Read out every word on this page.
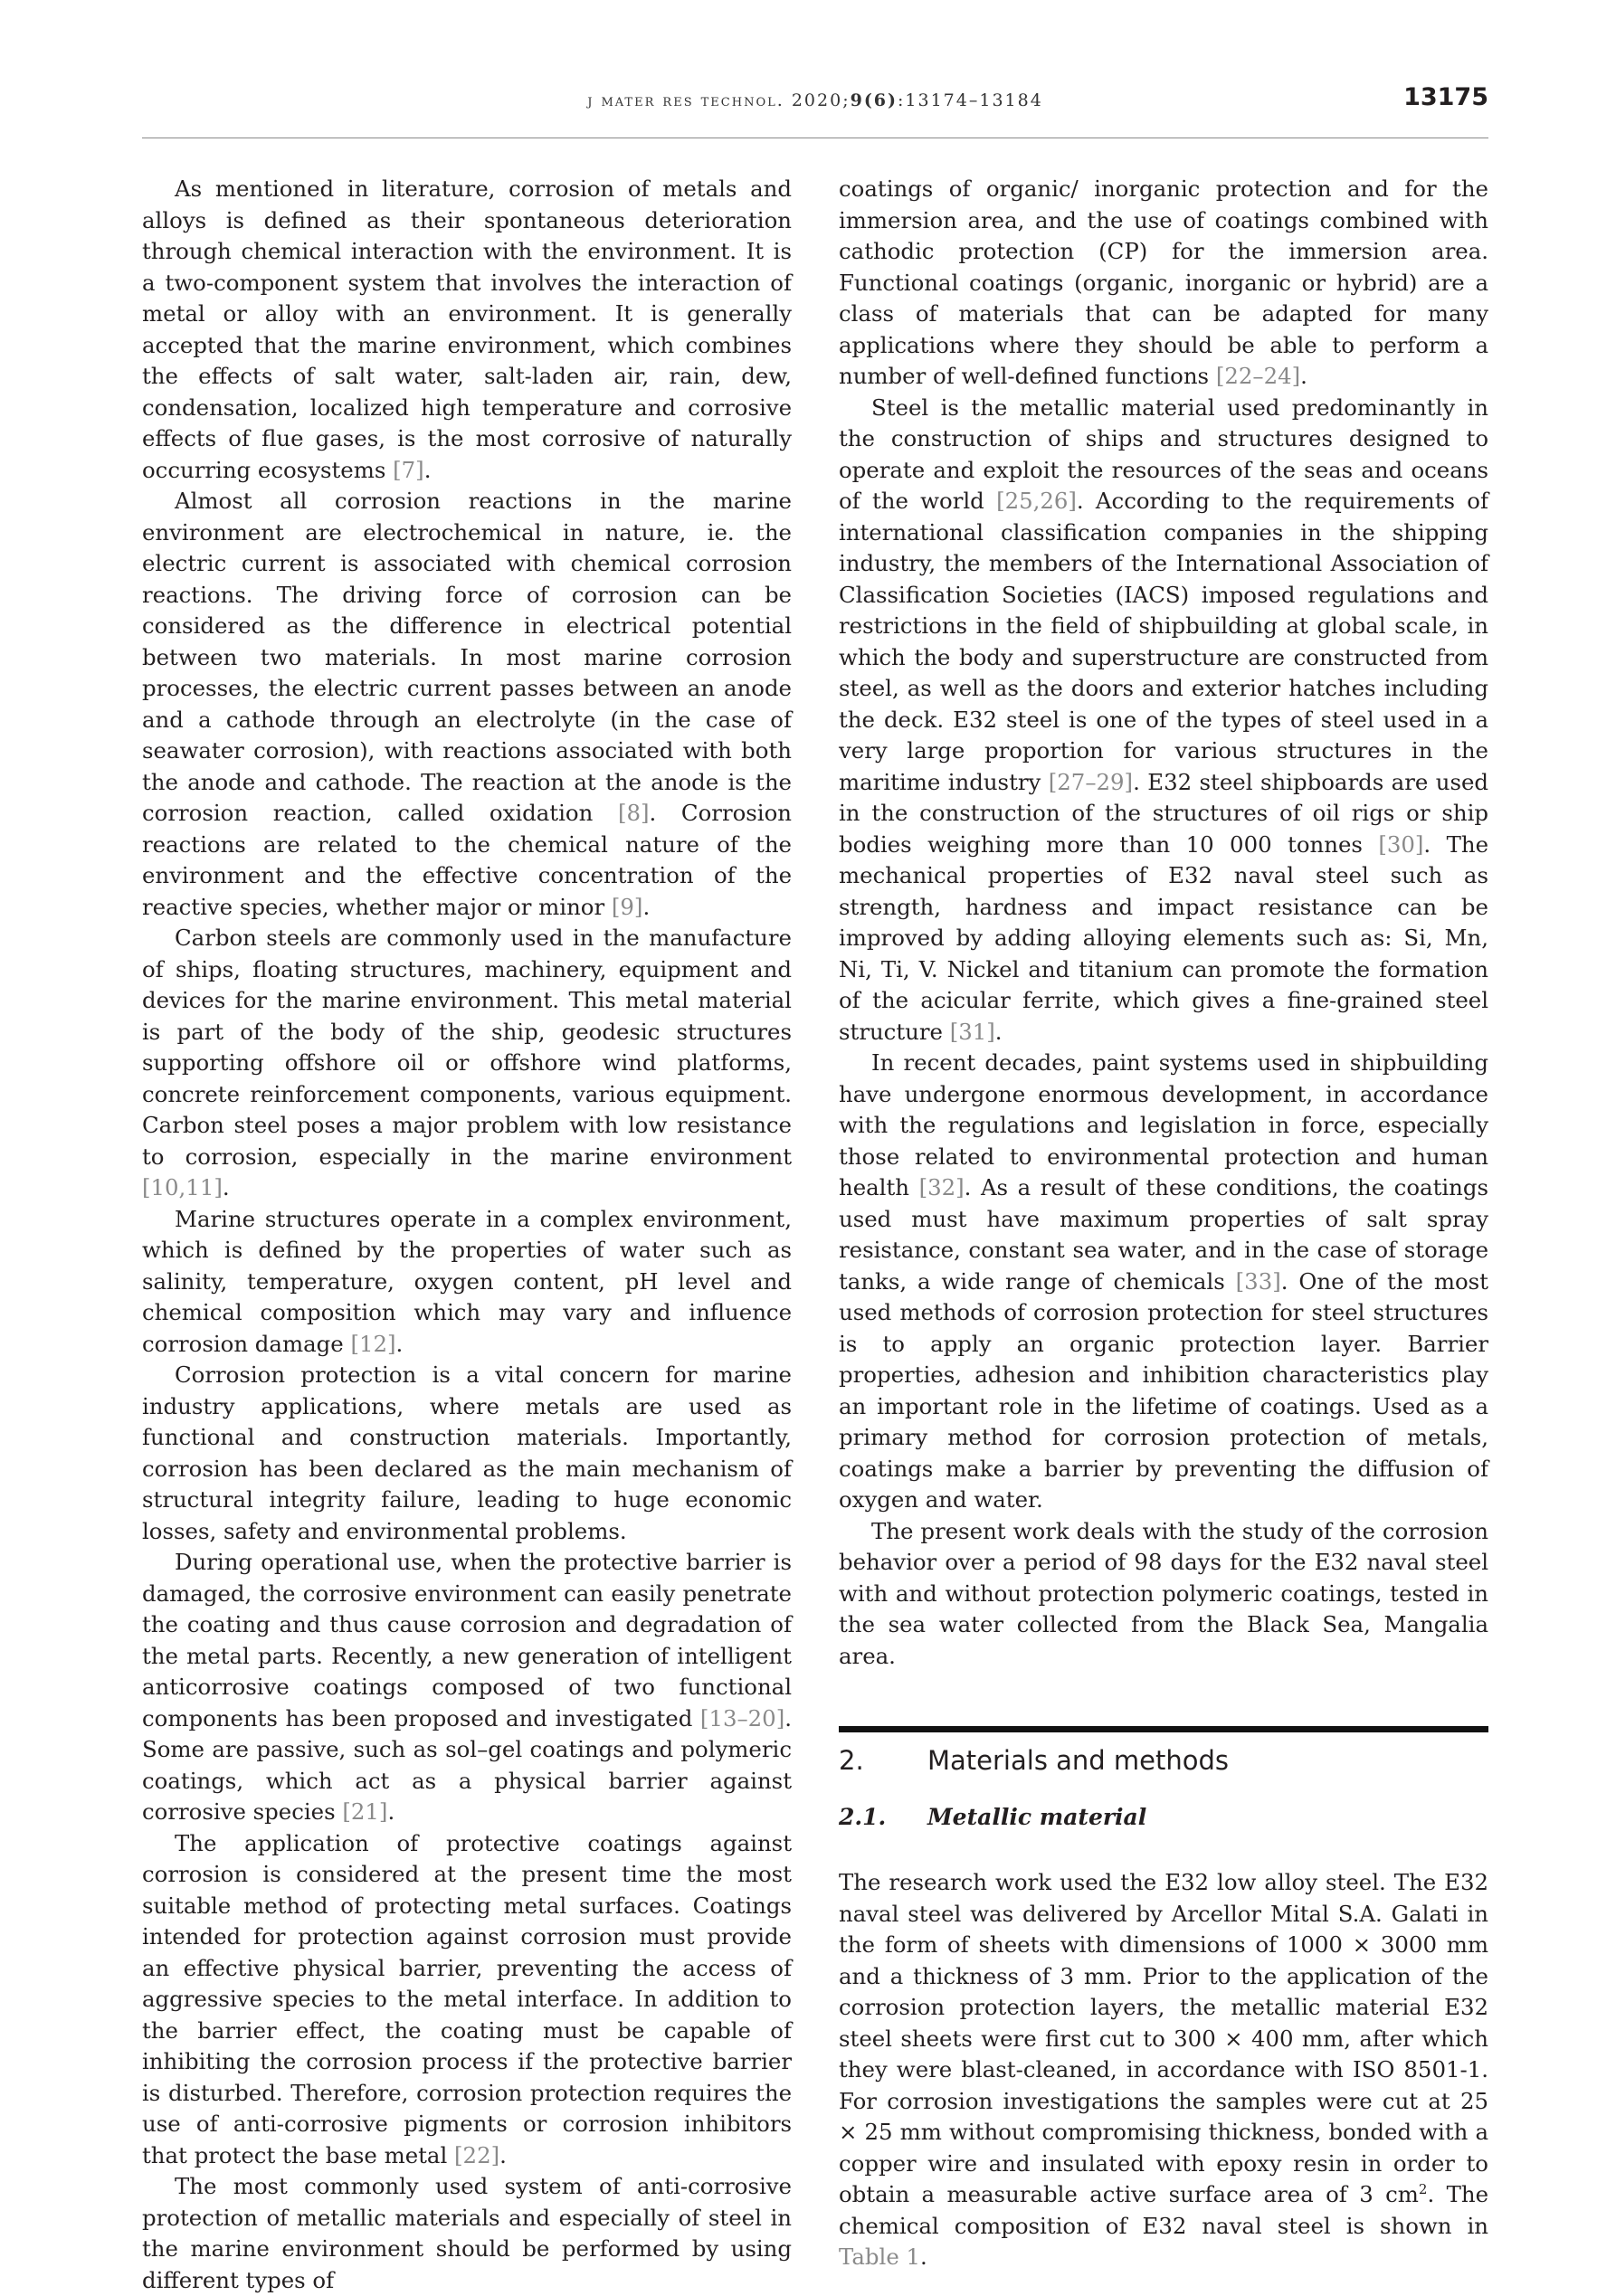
j mater res technol. 2020;9(6):13174–13184	13175

As mentioned in literature, corrosion of metals and alloys is defined as their spontaneous deterioration through chemical interaction with the environment. It is a two-component system that involves the interaction of metal or alloy with an environment. It is generally accepted that the marine environment, which combines the effects of salt water, salt-laden air, rain, dew, condensation, localized high temperature and corrosive effects of flue gases, is the most corrosive of naturally occurring ecosystems [7].

Almost all corrosion reactions in the marine environment are electrochemical in nature, ie. the electric current is associated with chemical corrosion reactions. The driving force of corrosion can be considered as the difference in electrical potential between two materials. In most marine corrosion processes, the electric current passes between an anode and a cathode through an electrolyte (in the case of seawater corrosion), with reactions associated with both the anode and cathode. The reaction at the anode is the corrosion reaction, called oxidation [8]. Corrosion reactions are related to the chemical nature of the environment and the effective concentration of the reactive species, whether major or minor [9].

Carbon steels are commonly used in the manufacture of ships, floating structures, machinery, equipment and devices for the marine environment. This metal material is part of the body of the ship, geodesic structures supporting offshore oil or offshore wind platforms, concrete reinforcement components, various equipment. Carbon steel poses a major problem with low resistance to corrosion, especially in the marine environment [10,11].

Marine structures operate in a complex environment, which is defined by the properties of water such as salinity, temperature, oxygen content, pH level and chemical composition which may vary and influence corrosion damage [12].

Corrosion protection is a vital concern for marine industry applications, where metals are used as functional and construction materials. Importantly, corrosion has been declared as the main mechanism of structural integrity failure, leading to huge economic losses, safety and environmental problems.

During operational use, when the protective barrier is damaged, the corrosive environment can easily penetrate the coating and thus cause corrosion and degradation of the metal parts. Recently, a new generation of intelligent anticorrosive coatings composed of two functional components has been proposed and investigated [13–20]. Some are passive, such as sol–gel coatings and polymeric coatings, which act as a physical barrier against corrosive species [21].

The application of protective coatings against corrosion is considered at the present time the most suitable method of protecting metal surfaces. Coatings intended for protection against corrosion must provide an effective physical barrier, preventing the access of aggressive species to the metal interface. In addition to the barrier effect, the coating must be capable of inhibiting the corrosion process if the protective barrier is disturbed. Therefore, corrosion protection requires the use of anti-corrosive pigments or corrosion inhibitors that protect the base metal [22].

The most commonly used system of anti-corrosive protection of metallic materials and especially of steel in the marine environment should be performed by using different types of

coatings of organic/ inorganic protection and for the immersion area, and the use of coatings combined with cathodic protection (CP) for the immersion area. Functional coatings (organic, inorganic or hybrid) are a class of materials that can be adapted for many applications where they should be able to perform a number of well-defined functions [22–24].

Steel is the metallic material used predominantly in the construction of ships and structures designed to operate and exploit the resources of the seas and oceans of the world [25,26]. According to the requirements of international classification companies in the shipping industry, the members of the International Association of Classification Societies (IACS) imposed regulations and restrictions in the field of shipbuilding at global scale, in which the body and superstructure are constructed from steel, as well as the doors and exterior hatches including the deck. E32 steel is one of the types of steel used in a very large proportion for various structures in the maritime industry [27–29]. E32 steel shipboards are used in the construction of the structures of oil rigs or ship bodies weighing more than 10 000 tonnes [30]. The mechanical properties of E32 naval steel such as strength, hardness and impact resistance can be improved by adding alloying elements such as: Si, Mn, Ni, Ti, V. Nickel and titanium can promote the formation of the acicular ferrite, which gives a fine-grained steel structure [31].

In recent decades, paint systems used in shipbuilding have undergone enormous development, in accordance with the regulations and legislation in force, especially those related to environmental protection and human health [32]. As a result of these conditions, the coatings used must have maximum properties of salt spray resistance, constant sea water, and in the case of storage tanks, a wide range of chemicals [33]. One of the most used methods of corrosion protection for steel structures is to apply an organic protection layer. Barrier properties, adhesion and inhibition characteristics play an important role in the lifetime of coatings. Used as a primary method for corrosion protection of metals, coatings make a barrier by preventing the diffusion of oxygen and water.

The present work deals with the study of the corrosion behavior over a period of 98 days for the E32 naval steel with and without protection polymeric coatings, tested in the sea water collected from the Black Sea, Mangalia area.

2.	Materials and methods
2.1.	Metallic material

The research work used the E32 low alloy steel. The E32 naval steel was delivered by Arcellor Mital S.A. Galati in the form of sheets with dimensions of 1000 × 3000 mm and a thickness of 3 mm. Prior to the application of the corrosion protection layers, the metallic material E32 steel sheets were first cut to 300 × 400 mm, after which they were blast-cleaned, in accordance with ISO 8501-1. For corrosion investigations the samples were cut at 25 × 25 mm without compromising thickness, bonded with a copper wire and insulated with epoxy resin in order to obtain a measurable active surface area of 3 $cm^2$. The chemical composition of E32 naval steel is shown in Table 1.
